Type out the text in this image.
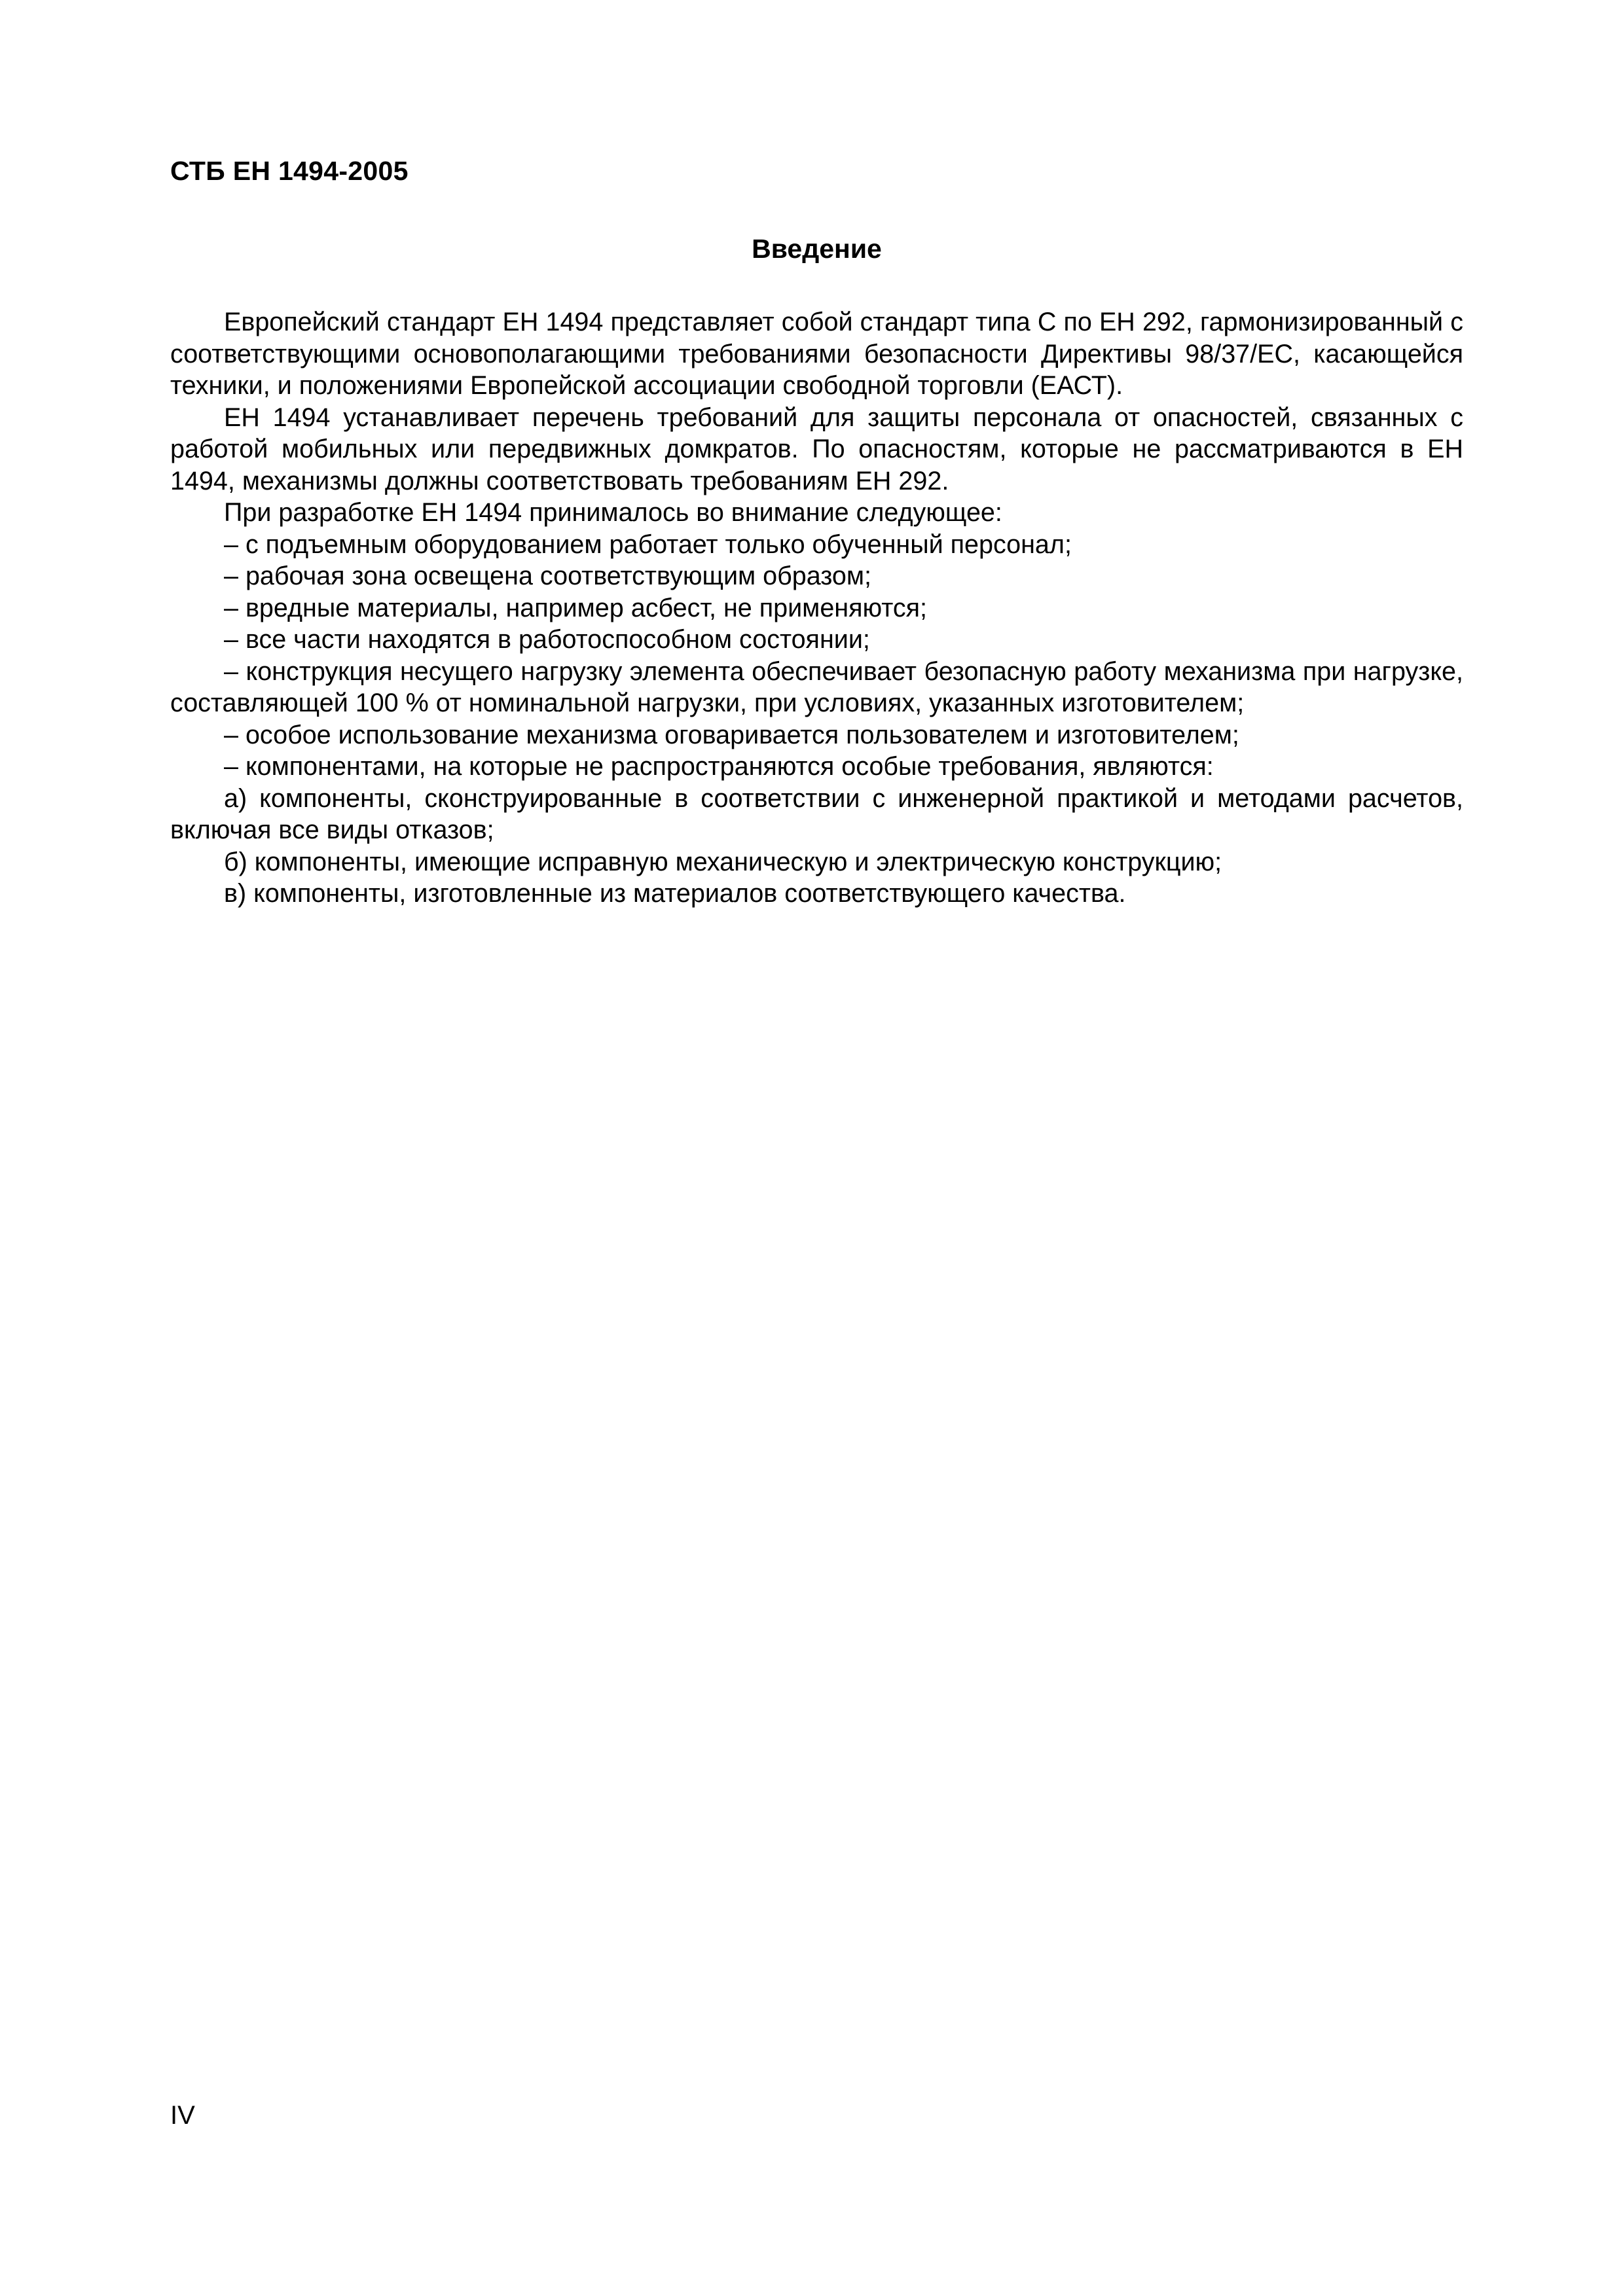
СТБ ЕН 1494-2005
Введение

Европейский стандарт ЕН 1494 представляет собой стандарт типа С по ЕН 292, гармонизированный с соответствующими основополагающими требованиями безопасности Директивы 98/37/ЕС, касающейся техники, и положениями Европейской ассоциации свободной торговли (ЕАСТ).

ЕН 1494 устанавливает перечень требований для защиты персонала от опасностей, связанных с работой мобильных или передвижных домкратов. По опасностям, которые не рассматриваются в ЕН 1494, механизмы должны соответствовать требованиям ЕН 292.

При разработке ЕН 1494 принималось во внимание следующее:

– с подъемным оборудованием работает только обученный персонал;

– рабочая зона освещена соответствующим образом;

– вредные материалы, например асбест, не применяются;

– все части находятся в работоспособном состоянии;

– конструкция несущего нагрузку элемента обеспечивает безопасную работу механизма при нагрузке, составляющей 100 % от номинальной нагрузки, при условиях, указанных изготовителем;

– особое использование механизма оговаривается пользователем и изготовителем;

– компонентами, на которые не распространяются особые требования, являются:

а) компоненты, сконструированные в соответствии с инженерной практикой и методами расчетов, включая все виды отказов;

б) компоненты, имеющие исправную механическую и электрическую конструкцию;

в) компоненты, изготовленные из материалов соответствующего качества.

IV
